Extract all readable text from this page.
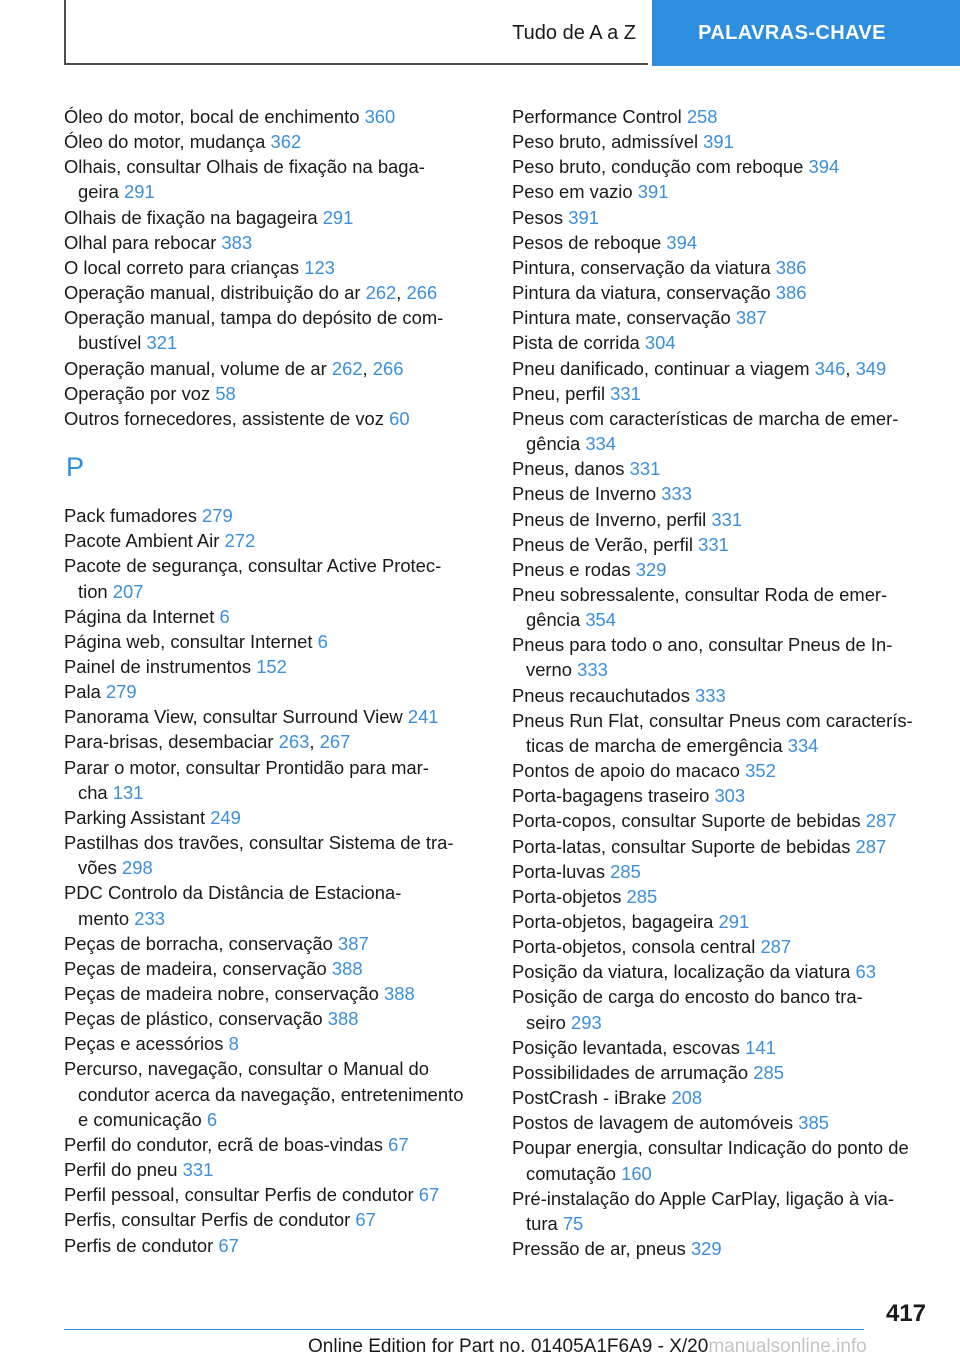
Tudo de A a Z	PALAVRAS-CHAVE
Óleo do motor, bocal de enchimento 360
Óleo do motor, mudança 362
Olhais, consultar Olhais de fixação na baga-
geira 291
Olhais de fixação na bagageira 291
Olhal para rebocar 383
O local correto para crianças 123
Operação manual, distribuição do ar 262, 266
Operação manual, tampa do depósito de com-
bustível 321
Operação manual, volume de ar 262, 266
Operação por voz 58
Outros fornecedores, assistente de voz 60
P
Pack fumadores 279
Pacote Ambient Air 272
Pacote de segurança, consultar Active Protec-
tion 207
Página da Internet 6
Página web, consultar Internet 6
Painel de instrumentos 152
Pala 279
Panorama View, consultar Surround View 241
Para-brisas, desembaciar 263, 267
Parar o motor, consultar Prontidão para mar-
cha 131
Parking Assistant 249
Pastilhas dos travões, consultar Sistema de tra-
vões 298
PDC Controlo da Distância de Estaciona-
mento 233
Peças de borracha, conservação 387
Peças de madeira, conservação 388
Peças de madeira nobre, conservação 388
Peças de plástico, conservação 388
Peças e acessórios 8
Percurso, navegação, consultar o Manual do
condutor acerca da navegação, entretenimento
e comunicação 6
Perfil do condutor, ecrã de boas-vindas 67
Perfil do pneu 331
Perfil pessoal, consultar Perfis de condutor 67
Perfis, consultar Perfis de condutor 67
Perfis de condutor 67
Performance Control 258
Peso bruto, admissível 391
Peso bruto, condução com reboque 394
Peso em vazio 391
Pesos 391
Pesos de reboque 394
Pintura, conservação da viatura 386
Pintura da viatura, conservação 386
Pintura mate, conservação 387
Pista de corrida 304
Pneu danificado, continuar a viagem 346, 349
Pneu, perfil 331
Pneus com características de marcha de emer-
gência 334
Pneus, danos 331
Pneus de Inverno 333
Pneus de Inverno, perfil 331
Pneus de Verão, perfil 331
Pneus e rodas 329
Pneu sobressalente, consultar Roda de emer-
gência 354
Pneus para todo o ano, consultar Pneus de In-
verno 333
Pneus recauchutados 333
Pneus Run Flat, consultar Pneus com caracterís-
ticas de marcha de emergência 334
Pontos de apoio do macaco 352
Porta-bagagens traseiro 303
Porta-copos, consultar Suporte de bebidas 287
Porta-latas, consultar Suporte de bebidas 287
Porta-luvas 285
Porta-objetos 285
Porta-objetos, bagageira 291
Porta-objetos, consola central 287
Posição da viatura, localização da viatura 63
Posição de carga do encosto do banco tra-
seiro 293
Posição levantada, escovas 141
Possibilidades de arrumação 285
PostCrash - iBrake 208
Postos de lavagem de automóveis 385
Poupar energia, consultar Indicação do ponto de
comutação 160
Pré-instalação do Apple CarPlay, ligação à via-
tura 75
Pressão de ar, pneus 329
417
Online Edition for Part no. 01405A1F6A9 - X/20manualsonline.info
